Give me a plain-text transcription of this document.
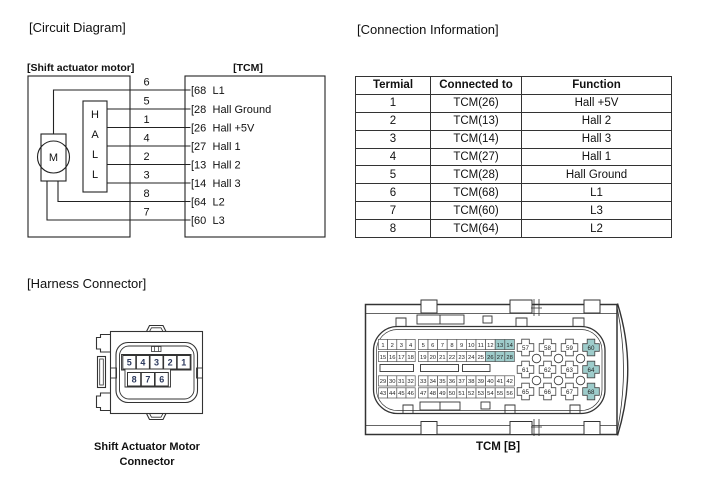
[Circuit Diagram]	[Connection Information]
[Harness Connector]
[Shift actuator motor]	[TCM]
6
[68 L1
5
[28 Hall Ground
1
[26 Hall +5V
4
[27 Hall 1
2
[13 Hall 2
3
[14 Hall 3
8
[64 L2
7
[60 L3
M
H
A
L
L
Termial	Connected to	Function
1	TCM(26)	Hall +5V
2	TCM(13)	Hall 2
3	TCM(14)	Hall 3
4	TCM(27)	Hall 1
5	TCM(28)	Hall Ground
6	TCM(68)	L1
7	TCM(60)	L3
8	TCM(64)	L2
5 4 3 2 1
8 7 6
Shift Actuator Motor
Connector
1 2 3 4 5 6 7 8 9 10 11 12 13 14
15 16 17 18 19 20 21 22 23 24 25 26 27 28
29 30 31 32 33 34 35 36 37 38 39 40 41 42
43 44 45 46 47 48 49 50 51 52 53 54 55 56
57 58 59 60
61 62 63 64
65 66 67 68
TCM [B]
